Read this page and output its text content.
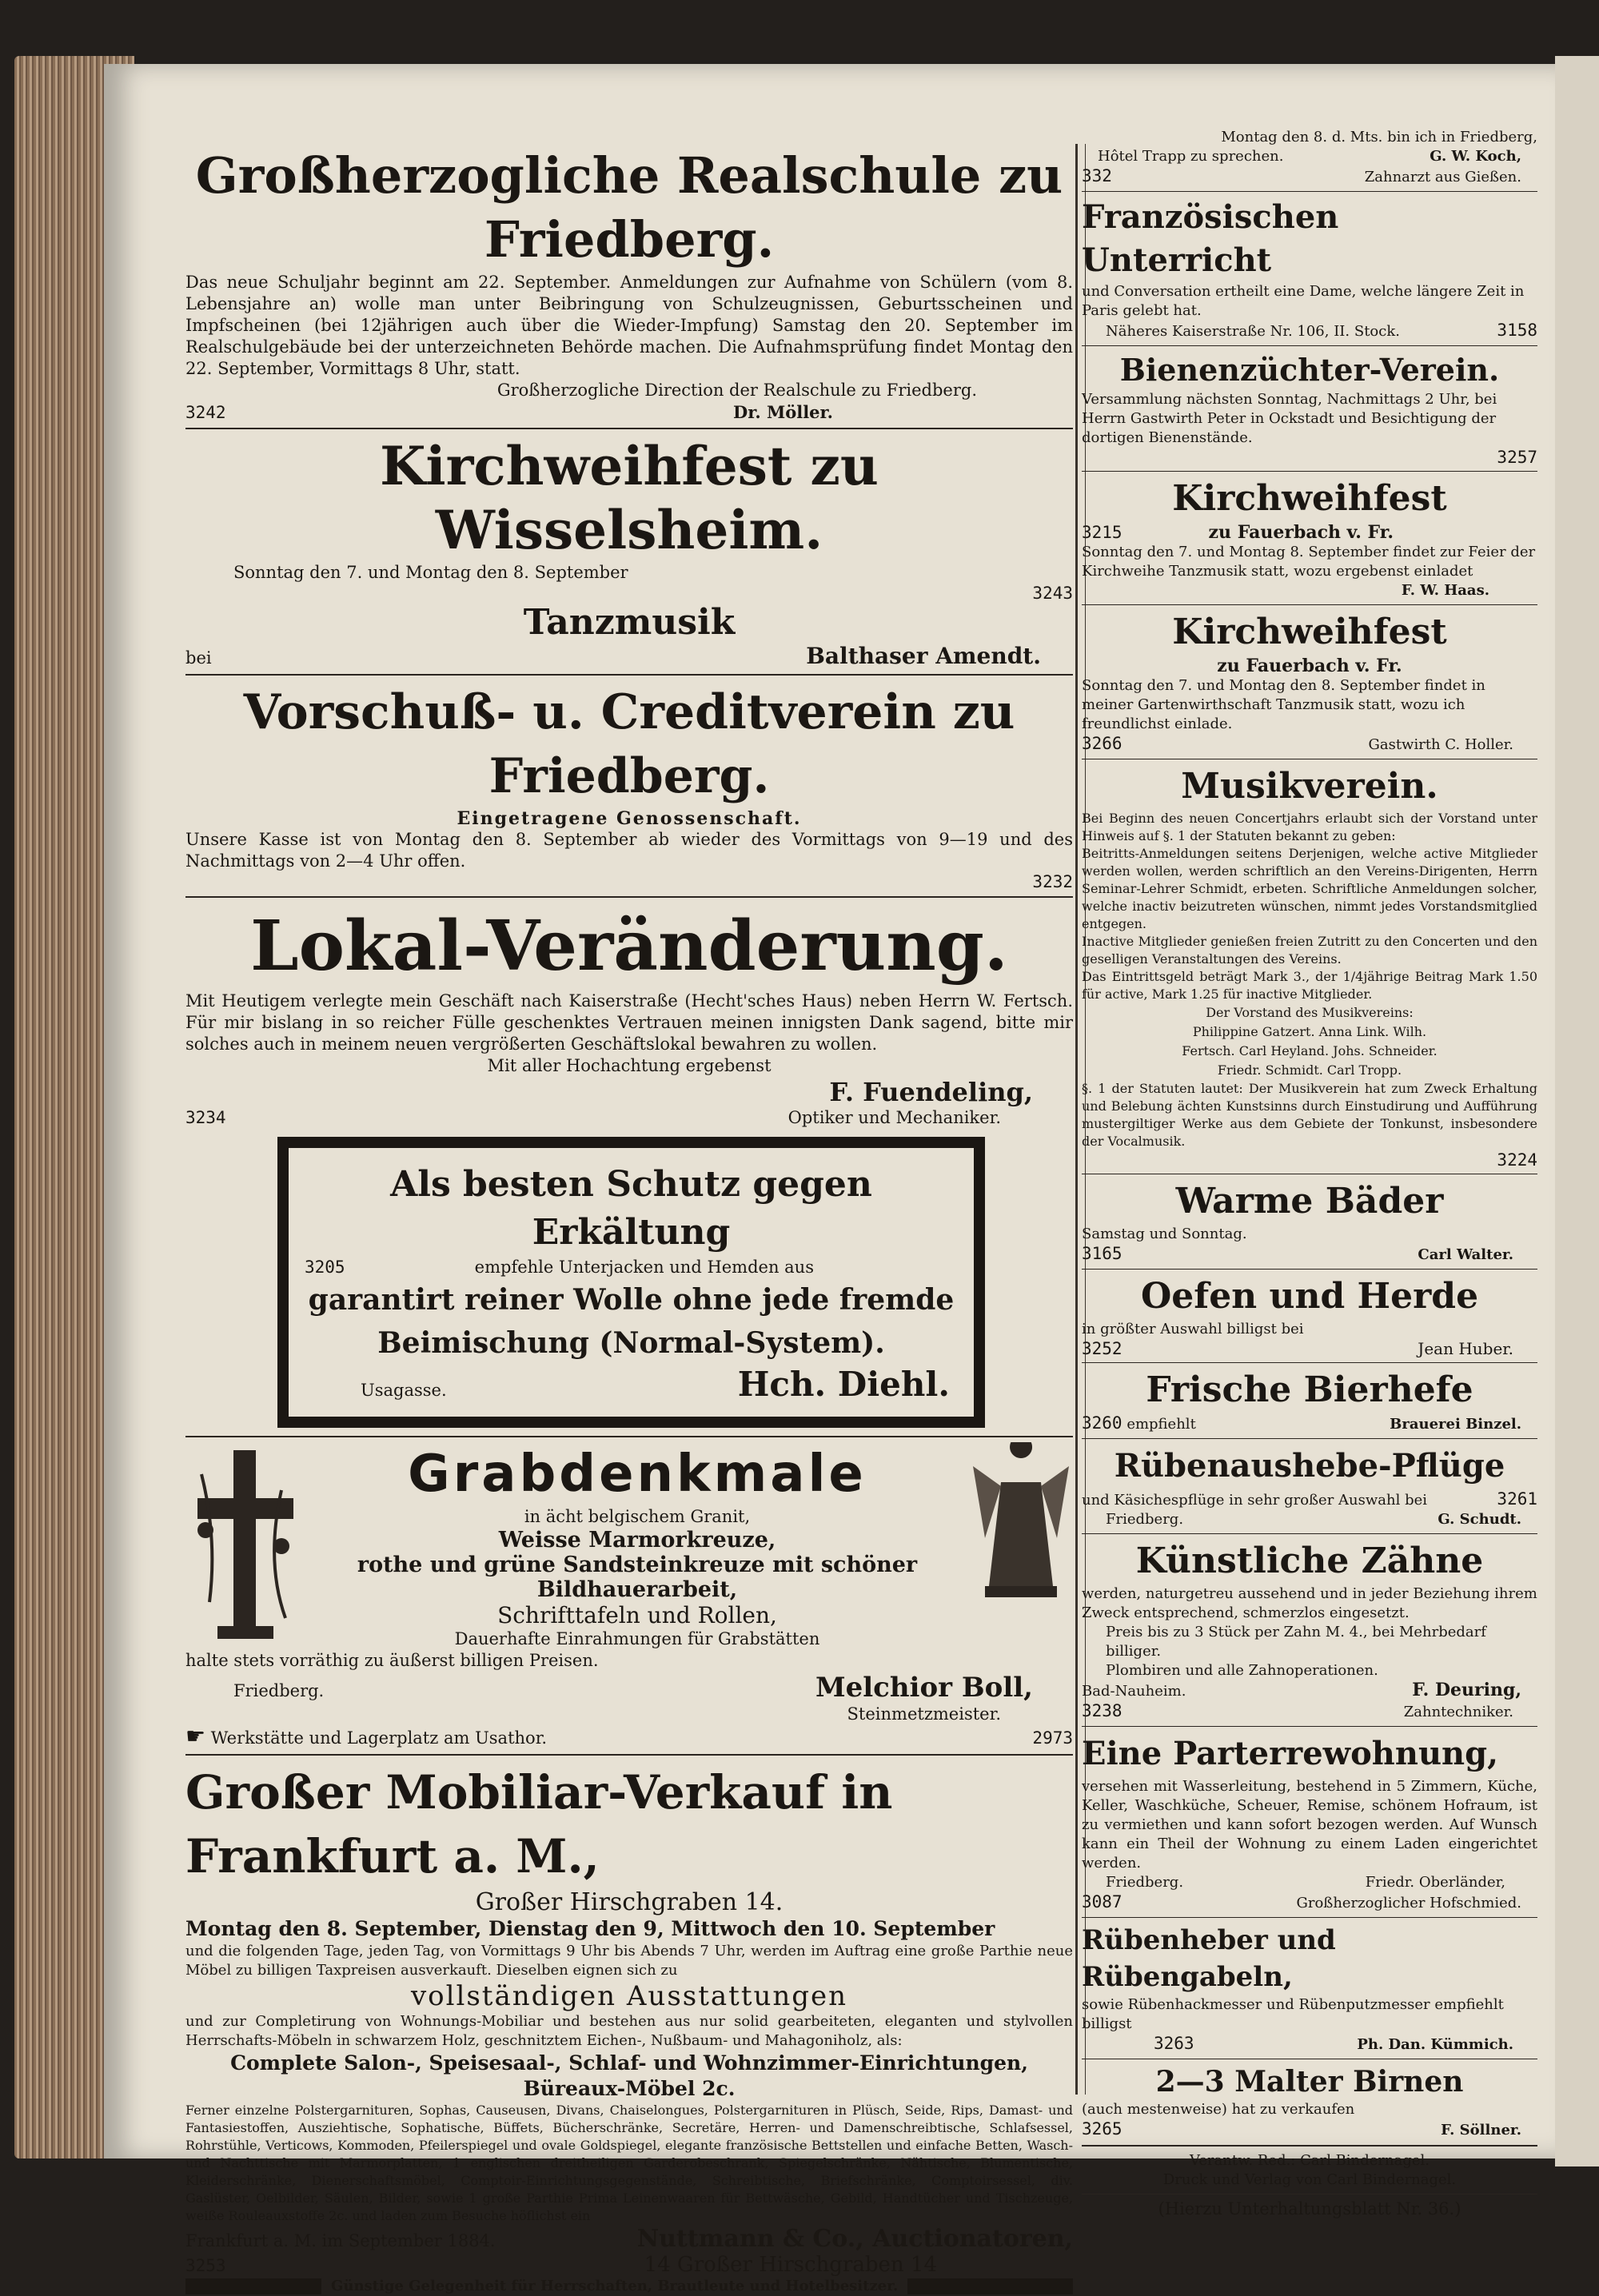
Großherzogliche Realschule zu Friedberg.
Das neue Schuljahr beginnt am 22. September. Anmeldungen zur Aufnahme von Schülern (vom 8. Lebensjahre an) wolle man unter Beibringung von Schulzeugnissen, Geburtsscheinen und Impfscheinen (bei 12jährigen auch über die Wieder-Impfung) Samstag den 20. September im Realschulgebäude bei der unterzeichneten Behörde machen. Die Aufnahmsprüfung findet Montag den 22. September, Vormittags 8 Uhr, statt.
Großherzogliche Direction der Realschule zu Friedberg.
3242	Dr. Möller.
Kirchweihfest zu Wisselsheim.
Sonntag den 7. und Montag den 8. September
3243
Tanzmusik
bei	Balthaser Amendt.
Vorschuß- u. Creditverein zu Friedberg.
Eingetragene Genossenschaft.
Unsere Kasse ist von Montag den 8. September ab wieder des Vormittags von 9—19 und des Nachmittags von 2—4 Uhr offen.
3232
Lokal-Veränderung.
Mit Heutigem verlegte mein Geschäft nach Kaiserstraße (Hecht'sches Haus) neben Herrn W. Fertsch. Für mir bislang in so reicher Fülle geschenktes Vertrauen meinen innigsten Dank sagend, bitte mir solches auch in meinem neuen vergrößerten Geschäftslokal bewahren zu wollen.
Mit aller Hochachtung ergebenst
F. Fuendeling,
3234	Optiker und Mechaniker.
Als besten Schutz gegen Erkältung
3205	empfehle Unterjacken und Hemden aus
garantirt reiner Wolle ohne jede fremde
Beimischung (Normal-System).
Usagasse.	Hch. Diehl.
Grabdenkmale
in ächt belgischem Granit,
Weisse Marmorkreuze,
rothe und grüne Sandsteinkreuze mit schöner
Bildhauerarbeit,
Schrifttafeln und Rollen,
Dauerhafte Einrahmungen für Grabstätten
halte stets vorräthig zu äußerst billigen Preisen.
Friedberg.	Melchior Boll,
Steinmetzmeister.
☛ Werkstätte und Lagerplatz am Usathor.	2973
Großer Mobiliar-Verkauf in Frankfurt a. M.,
Großer Hirschgraben 14.
Montag den 8. September, Dienstag den 9, Mittwoch den 10. September
und die folgenden Tage, jeden Tag, von Vormittags 9 Uhr bis Abends 7 Uhr, werden im Auftrag eine große Parthie neue Möbel zu billigen Taxpreisen ausverkauft. Dieselben eignen sich zu
vollständigen Ausstattungen
und zur Completirung von Wohnungs-Mobiliar und bestehen aus nur solid gearbeiteten, eleganten und stylvollen Herrschafts-Möbeln in schwarzem Holz, geschnitztem Eichen-, Nußbaum- und Mahagoniholz, als:
Complete Salon-, Speisesaal-, Schlaf- und Wohnzimmer-Einrichtungen, Büreaux-Möbel 2c.
Ferner einzelne Polstergarnituren, Sophas, Causeusen, Divans, Chaiselongues, Polstergarnituren in Plüsch, Seide, Rips, Damast- und Fantasiestoffen, Ausziehtische, Sophatische, Büffets, Bücherschränke, Secretäre, Herren- und Damenschreibtische, Schlafsessel, Rohrstühle, Verticows, Kommoden, Pfeilerspiegel und ovale Goldspiegel, elegante französische Bettstellen und einfache Betten, Wasch- und Nachttische mit Marmorplatten, 1 englischen dreitheiligen Garderobeschrank, Spiegelschränke, Nähtische, Blumentische, Kleiderschränke, Dienerschaftsmöbel, Comptoir-Einrichtungsgegenstände, Schreibtische, Briefschränke, Comptoirsessel, div. Gaslüster, Oelbilder, Säulen, Bilder, sowie 1 große Parthie Prima Leinenwaaren für Bettwäsche, Gebild, Handtücher und Tischzeuge, weiße Rouleauxstoffe 2c. und laden zum Besuche höflichst ein
Frankfurt a. M. im September 1884.	Nuttmann & Co., Auctionatoren,
3253	14 Großer Hirschgraben 14
Günstige Gelegenheit für Herrschaften, Brautleute und Hotelbesitzer.
Montag den 8. d. Mts. bin ich in Friedberg,
Hôtel Trapp zu sprechen.	G. W. Koch,
332	Zahnarzt aus Gießen.
Französischen Unterricht
und Conversation ertheilt eine Dame, welche längere Zeit in Paris gelebt hat.
Näheres Kaiserstraße Nr. 106, II. Stock.	3158
Bienenzüchter-Verein.
Versammlung nächsten Sonntag, Nachmittags 2 Uhr, bei Herrn Gastwirth Peter in Ockstadt und Besichtigung der dortigen Bienenstände.
3257
Kirchweihfest
3215	zu Fauerbach v. Fr.
Sonntag den 7. und Montag 8. September findet zur Feier der Kirchweihe Tanzmusik statt, wozu ergebenst einladet
F. W. Haas.
Kirchweihfest
zu Fauerbach v. Fr.
Sonntag den 7. und Montag den 8. September findet in meiner Gartenwirthschaft Tanzmusik statt, wozu ich freundlichst einlade.
3266	Gastwirth C. Holler.
Musikverein.
Bei Beginn des neuen Concertjahrs erlaubt sich der Vorstand unter Hinweis auf §. 1 der Statuten bekannt zu geben:
Beitritts-Anmeldungen seitens Derjenigen, welche active Mitglieder werden wollen, werden schriftlich an den Vereins-Dirigenten, Herrn Seminar-Lehrer Schmidt, erbeten. Schriftliche Anmeldungen solcher, welche inactiv beizutreten wünschen, nimmt jedes Vorstandsmitglied entgegen.
Inactive Mitglieder genießen freien Zutritt zu den Concerten und den geselligen Veranstaltungen des Vereins.
Das Eintrittsgeld beträgt Mark 3., der 1/4jährige Beitrag Mark 1.50 für active, Mark 1.25 für inactive Mitglieder.
Der Vorstand des Musikvereins:
Philippine Gatzert. Anna Link. Wilh.
Fertsch. Carl Heyland. Johs. Schneider.
Friedr. Schmidt. Carl Tropp.
§. 1 der Statuten lautet: Der Musikverein hat zum Zweck Erhaltung und Belebung ächten Kunstsinns durch Einstudirung und Aufführung mustergiltiger Werke aus dem Gebiete der Tonkunst, insbesondere der Vocalmusik.
3224
Warme Bäder
Samstag und Sonntag.
3165	Carl Walter.
Oefen und Herde
in größter Auswahl billigst bei
3252	Jean Huber.
Frische Bierhefe
3260 empfiehlt	Brauerei Binzel.
Rübenaushebe-Pflüge
und Käsichespflüge in sehr großer Auswahl bei	3261
Friedberg.	G. Schudt.
Künstliche Zähne
werden, naturgetreu aussehend und in jeder Beziehung ihrem Zweck entsprechend, schmerzlos eingesetzt.
Preis bis zu 3 Stück per Zahn M. 4., bei Mehrbedarf billiger.
Plombiren und alle Zahnoperationen.
Bad-Nauheim.	F. Deuring,
3238	Zahntechniker.
Eine Parterrewohnung,
versehen mit Wasserleitung, bestehend in 5 Zimmern, Küche, Keller, Waschküche, Scheuer, Remise, schönem Hofraum, ist zu vermiethen und kann sofort bezogen werden. Auf Wunsch kann ein Theil der Wohnung zu einem Laden eingerichtet werden.
Friedberg.	Friedr. Oberländer,
3087	Großherzoglicher Hofschmied.
Rübenheber und Rübengabeln,
sowie Rübenhackmesser und Rübenputzmesser empfiehlt billigst
3263	Ph. Dan. Kümmich.
2—3 Malter Birnen
(auch mestenweise) hat zu verkaufen
3265	F. Söllner.
Verantw. Red.: Carl Bindernagel.
Druck und Verlag von Carl Bindernagel.
(Hierzu Unterhaltungsblatt Nr. 36.)
